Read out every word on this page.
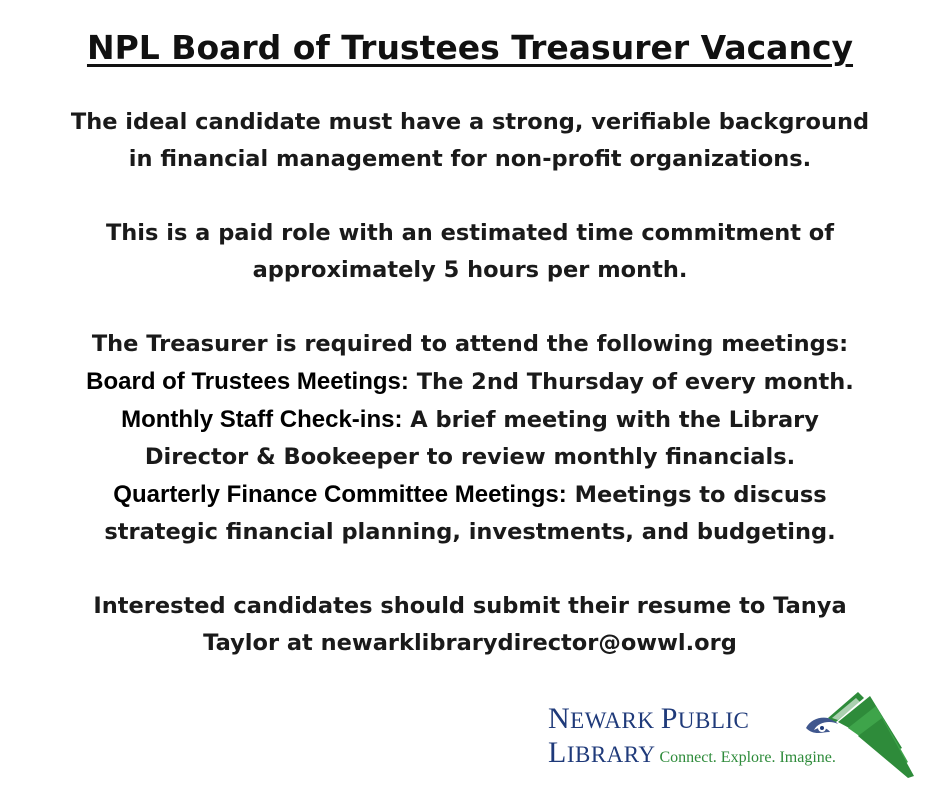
NPL Board of Trustees Treasurer Vacancy

The ideal candidate must have a strong, verifiable background
in financial management for non-profit organizations.

This is a paid role with an estimated time commitment of
approximately 5 hours per month.

The Treasurer is required to attend the following meetings:
Board of Trustees Meetings: The 2nd Thursday of every month.
Monthly Staff Check-ins: A brief meeting with the Library
Director & Bookeeper to review monthly financials.
Quarterly Finance Committee Meetings: Meetings to discuss
strategic financial planning, investments, and budgeting.

Interested candidates should submit their resume to Tanya
Taylor at newarklibrarydirector@owwl.org

NEWARK PUBLIC
LIBRARY Connect. Explore. Imagine.
